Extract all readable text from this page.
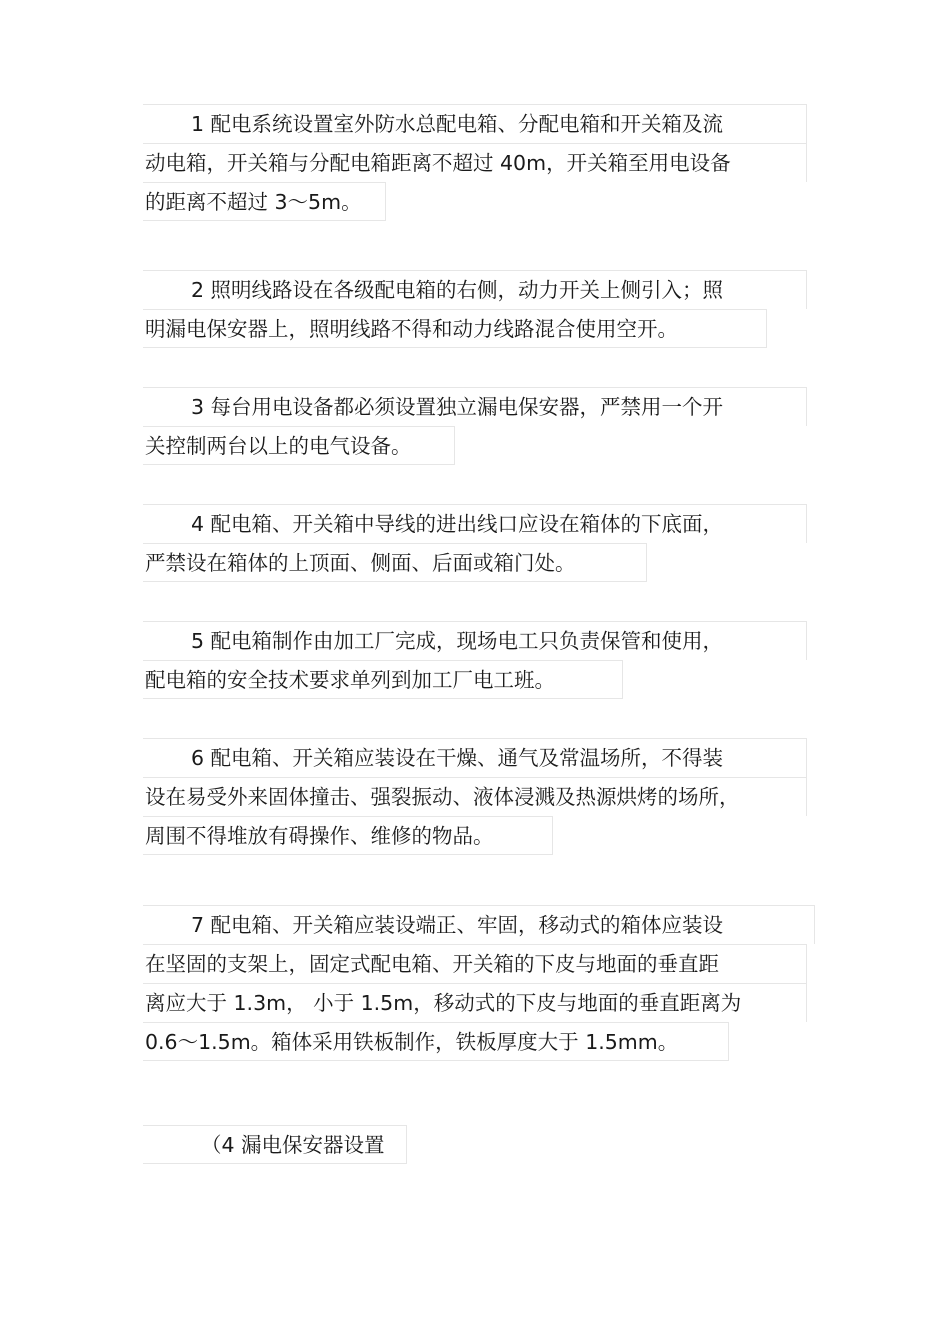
1 配电系统设置室外防水总配电箱、分配电箱和开关箱及流
动电箱，开关箱与分配电箱距离不超过 40m，开关箱至用电设备
的距离不超过 3～5m。

2 照明线路设在各级配电箱的右侧，动力开关上侧引入；照
明漏电保安器上，照明线路不得和动力线路混合使用空开。

3 每台用电设备都必须设置独立漏电保安器，严禁用一个开
关控制两台以上的电气设备。

4 配电箱、开关箱中导线的进出线口应设在箱体的下底面，
严禁设在箱体的上顶面、侧面、后面或箱门处。

5 配电箱制作由加工厂完成，现场电工只负责保管和使用，
配电箱的安全技术要求单列到加工厂电工班。

6 配电箱、开关箱应装设在干燥、通气及常温场所，不得装
设在易受外来固体撞击、强裂振动、液体浸溅及热源烘烤的场所，
周围不得堆放有碍操作、维修的物品。

7 配电箱、开关箱应装设端正、牢固，移动式的箱体应装设
在坚固的支架上，固定式配电箱、开关箱的下皮与地面的垂直距
离应大于 1.3m， 小于 1.5m，移动式的下皮与地面的垂直距离为
0.6～1.5m。箱体采用铁板制作，铁板厚度大于 1.5mm。

（4 漏电保安器设置
